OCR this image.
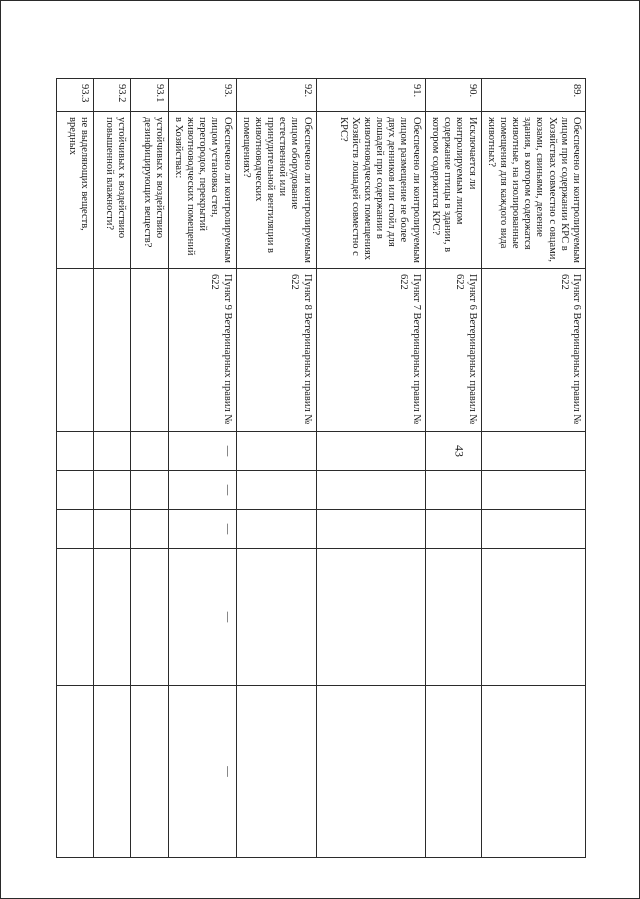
43
89.	Обеспечено ли контролируемым лицом при содержании КРС в Хозяйствах совместно с овцами, козами, свиньями, деление здания, в котором содержатся животные, на изолированные помещения для каждого вида животных?	Пункт 6 Ветеринарных правил № 622					
90.	Исключается ли контролируемым лицом содержание птицы в здании, в котором содержится КРС?	Пункт 6 Ветеринарных правил № 622					
91.	Обеспечено ли контролируемым лицом размещение не более двух денников или стойл для лошадей при содержании в животноводческих помещениях Хозяйств лошадей совместно с КРС?	Пункт 7 Ветеринарных правил № 622					
92.	Обеспечено ли контролируемым лицом оборудование естественной или принудительной вентиляции в животноводческих помещениях?	Пункт 8 Ветеринарных правил № 622					
93.	Обеспечено ли контролируемым лицом установка стен, перегородок, перекрытий животноводческих помещений в Хозяйствах:	Пункт 9 Ветеринарных правил № 622	—	—	—	—	—
93.1	устойчивых к воздействию дезинфицирующих веществ?						
93.2	устойчивых к воздействию повышенной влажности?						
93.3	не выделяющих веществ, вредных						
